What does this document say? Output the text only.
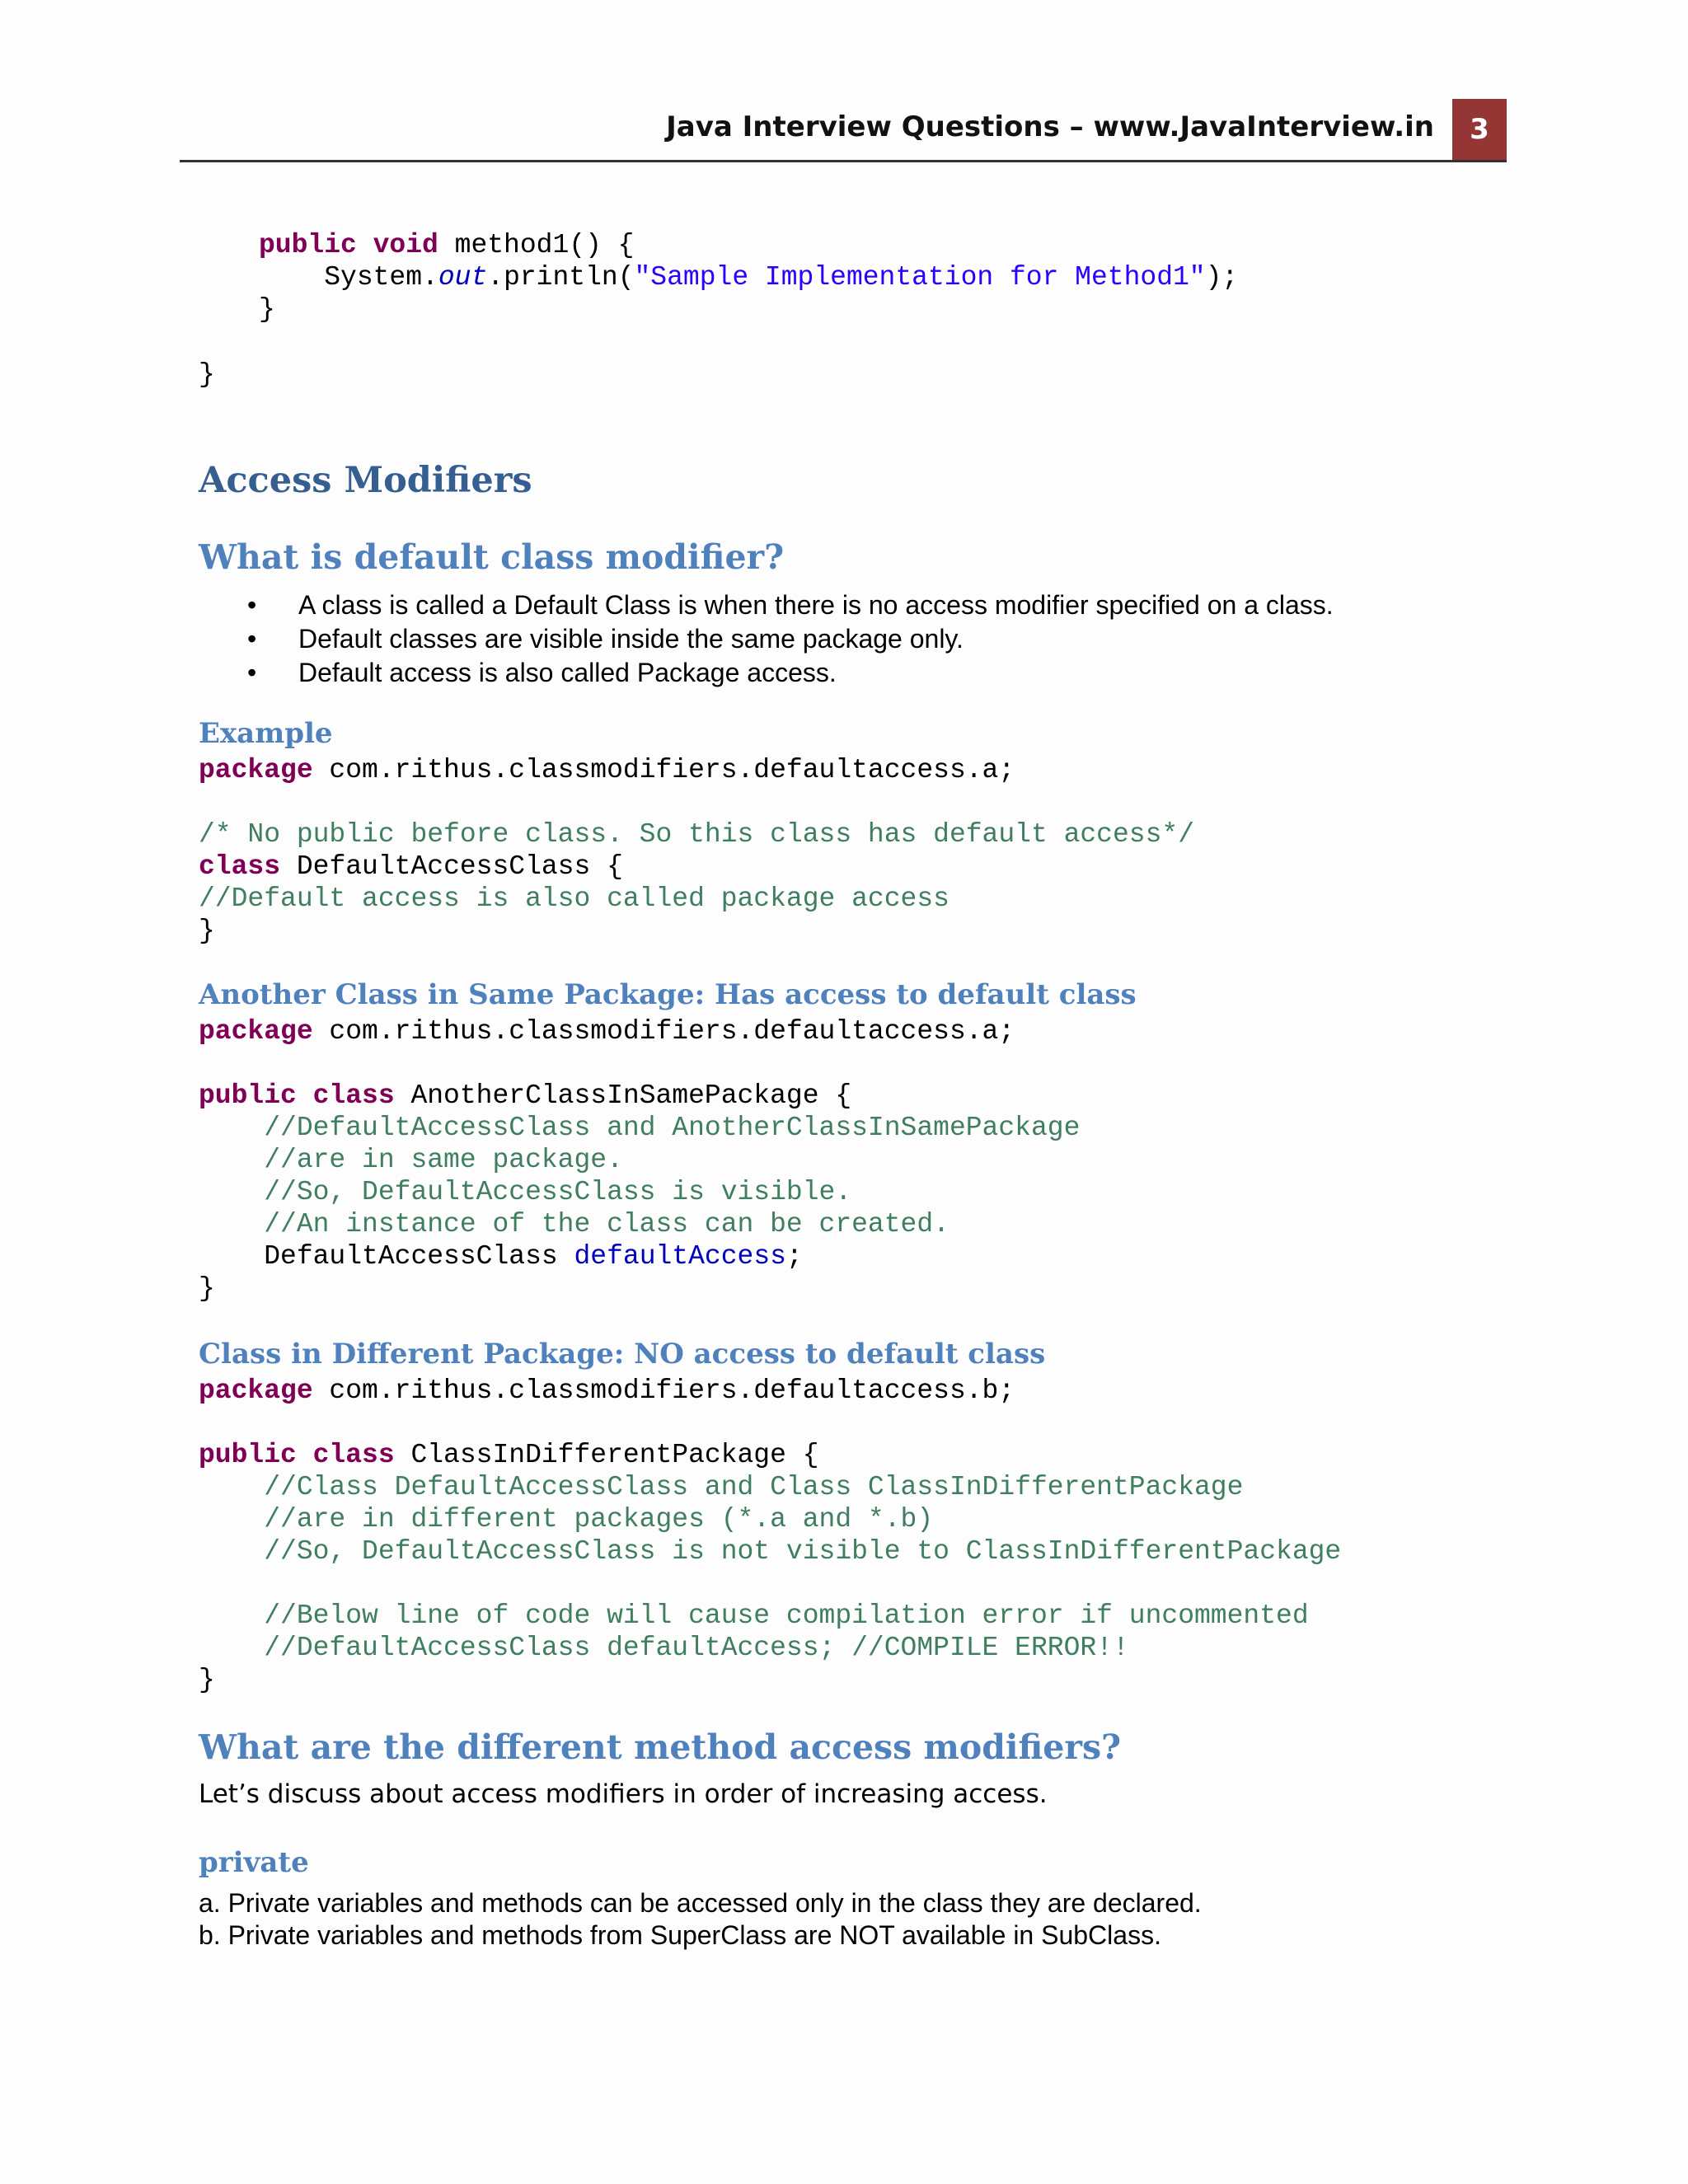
Java Interview Questions – www.JavaInterview.in	3
public void method1() {
System.out.println("Sample Implementation for Method1");
}
}
Access Modifiers
What is default class modifier?
• A class is called a Default Class is when there is no access modifier specified on a class.
• Default classes are visible inside the same package only.
• Default access is also called Package access.
Example
package com.rithus.classmodifiers.defaultaccess.a;

/* No public before class. So this class has default access*/
class DefaultAccessClass {
//Default access is also called package access
}
Another Class in Same Package: Has access to default class
package com.rithus.classmodifiers.defaultaccess.a;

public class AnotherClassInSamePackage {
//DefaultAccessClass and AnotherClassInSamePackage
//are in same package.
//So, DefaultAccessClass is visible.
//An instance of the class can be created.
DefaultAccessClass defaultAccess;
}
Class in Different Package: NO access to default class
package com.rithus.classmodifiers.defaultaccess.b;

public class ClassInDifferentPackage {
//Class DefaultAccessClass and Class ClassInDifferentPackage
//are in different packages (*.a and *.b)
//So, DefaultAccessClass is not visible to ClassInDifferentPackage

//Below line of code will cause compilation error if uncommented
//DefaultAccessClass defaultAccess; //COMPILE ERROR!!
}
What are the different method access modifiers?

Let’s discuss about access modifiers in order of increasing access.

private

a. Private variables and methods can be accessed only in the class they are declared.

b. Private variables and methods from SuperClass are NOT available in SubClass.
